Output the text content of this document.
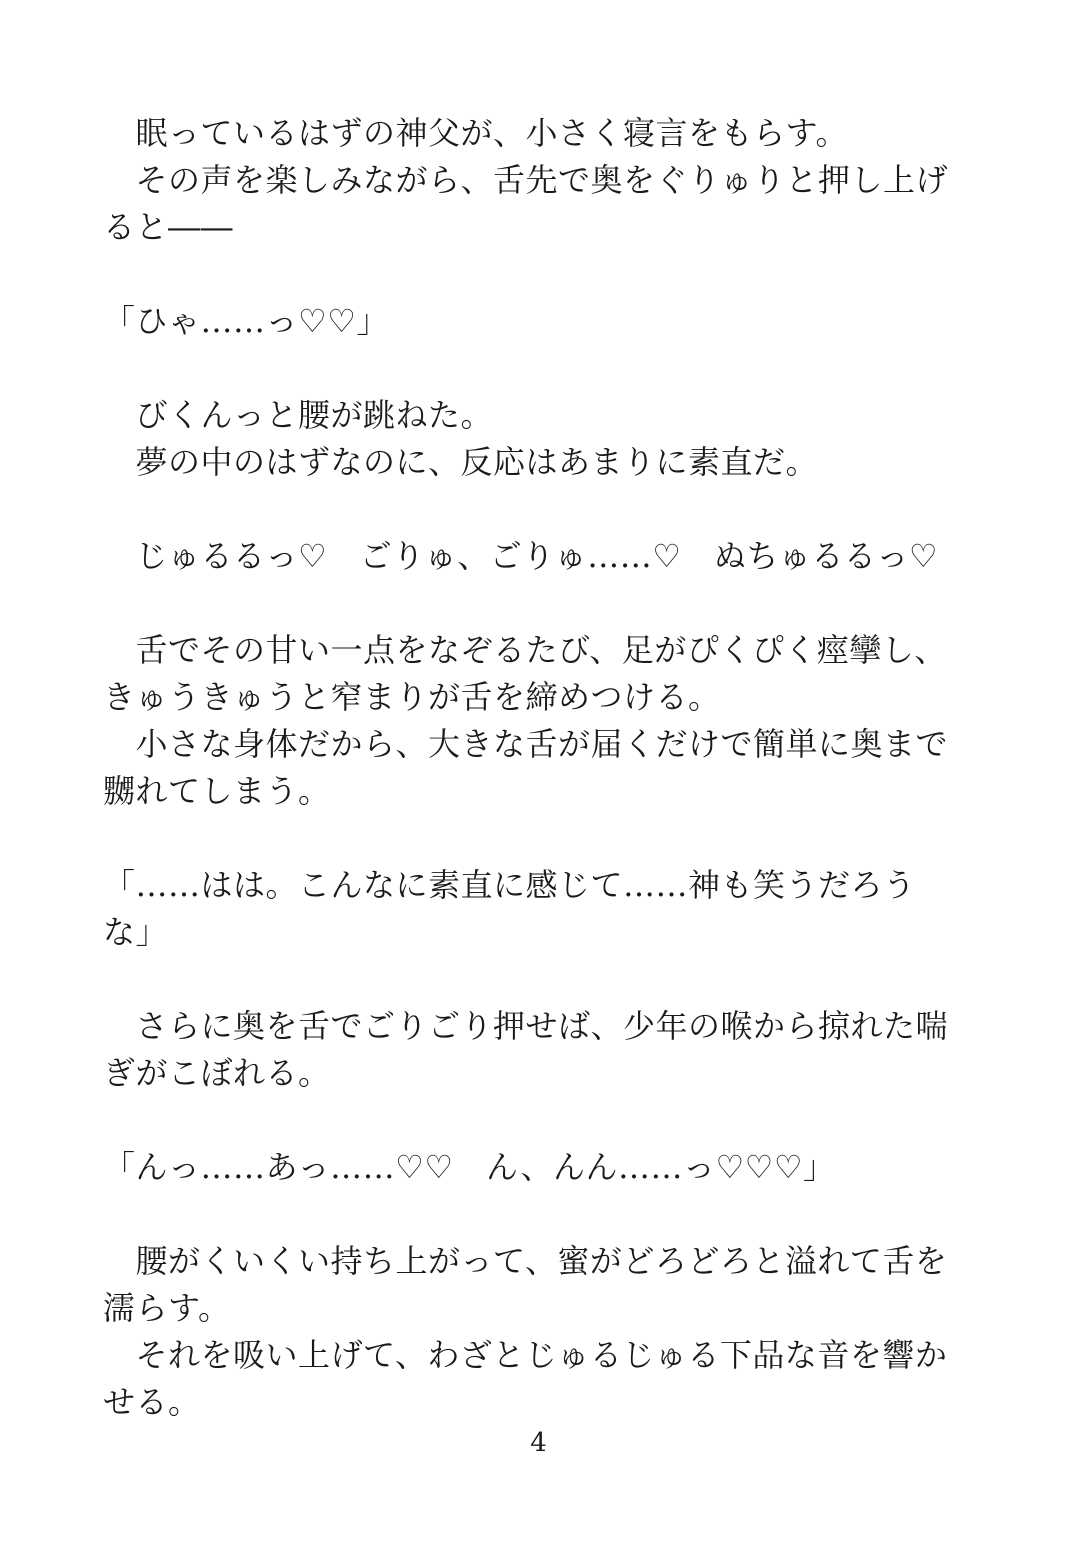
　眠っているはずの神父が、小さく寝言をもらす。
　その声を楽しみながら、舌先で奥をぐりゅりと押し上げ
ると――
「ひゃ……っ♡♡」
　びくんっと腰が跳ねた。
　夢の中のはずなのに、反応はあまりに素直だ。
　じゅるるっ♡　ごりゅ、ごりゅ……♡　ぬちゅるるっ♡
　舌でその甘い一点をなぞるたび、足がぴくぴく痙攣し、
きゅうきゅうと窄まりが舌を締めつける。
　小さな身体だから、大きな舌が届くだけで簡単に奥まで
嬲れてしまう。
「……はは。こんなに素直に感じて……神も笑うだろう
な」
　さらに奥を舌でごりごり押せば、少年の喉から掠れた喘
ぎがこぼれる。
「んっ……あっ……♡♡　ん、んん……っ♡♡♡」
　腰がくいくい持ち上がって、蜜がどろどろと溢れて舌を
濡らす。
　それを吸い上げて、わざとじゅるじゅる下品な音を響か
せる。
4
